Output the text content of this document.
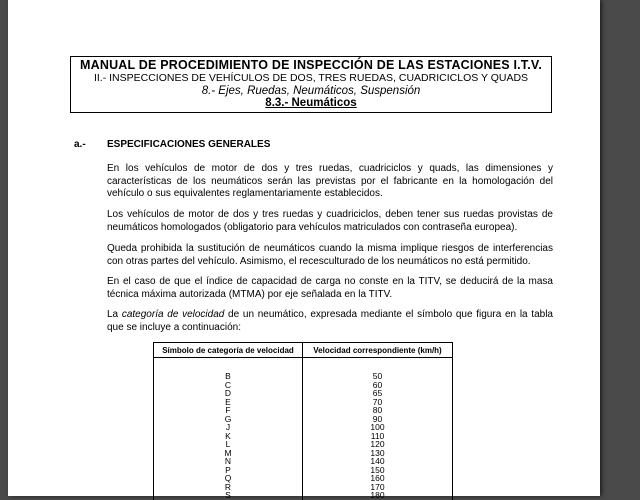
MANUAL DE PROCEDIMIENTO DE INSPECCIÓN DE LAS ESTACIONES I.T.V.
II.- INSPECCIONES DE VEHÍCULOS DE DOS, TRES RUEDAS, CUADRICICLOS Y QUADS
8.- Ejes, Ruedas, Neumáticos, Suspensión
8.3.- Neumáticos
a.- ESPECIFICACIONES GENERALES
En los vehículos de motor de dos y tres ruedas, cuadriciclos y quads, las dimensiones y características de los neumáticos serán las previstas por el fabricante en la homologación del vehículo o sus equivalentes reglamentariamente establecidos.
Los vehículos de motor de dos y tres ruedas y cuadriciclos, deben tener sus ruedas provistas de neumáticos homologados (obligatorio para vehículos matriculados con contraseña europea).
Queda prohibida la sustitución de neumáticos cuando la misma implique riesgos de interferencias con otras partes del vehículo. Asimismo, el recesculturado de los neumáticos no está permitido.
En el caso de que el índice de capacidad de carga no conste en la TITV, se deducirá de la masa técnica máxima autorizada (MTMA) por eje señalada en la TITV.
La categoría de velocidad de un neumático, expresada mediante el símbolo que figura en la tabla que se incluye a continuación:
Símbolo de categoría de velocidad	Velocidad correspondiente (km/h)

B	50
C	60
D	65
E	70
F	80
G	90
J	100
K	110
L	120
M	130
N	140
P	150
Q	160
R	170
S	180
